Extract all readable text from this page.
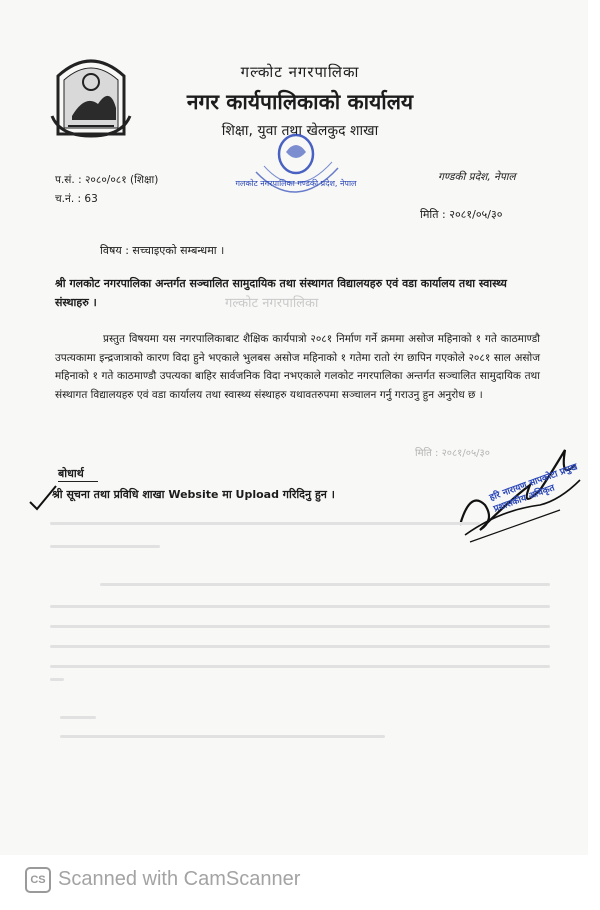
गल्कोट नगरपालिका
नगर कार्यपालिकाको कार्यालय
शिक्षा, युवा तथा खेलकुद शाखा
गलकोट नगरपालिका गण्डकी प्रदेश, नेपाल
प.सं. : २०८०/०८१ (शिक्षा)
च.नं. : 63
गण्डकी प्रदेश, नेपाल
मिति : २०८१/०५/३०
विषय : सच्चाइएको सम्बन्धमा ।
गल्कोट नगरपालिका
श्री गलकोट नगरपालिका अन्तर्गत सञ्चालित सामुदायिक तथा संस्थागत विद्यालयहरु एवं वडा कार्यालय तथा स्वास्थ्य संस्थाहरु ।
प्रस्तुत विषयमा यस नगरपालिकाबाट शैक्षिक कार्यपात्रो २०८१ निर्माण गर्ने क्रममा असोज महिनाको १ गते काठमाण्डौ उपत्यकामा इन्द्रजात्राको कारण विदा हुने भएकाले भुलबस असोज महिनाको १ गतेमा रातो रंग छापिन गएकोले २०८१ साल असोज महिनाको १ गते काठमाण्डौ उपत्यका बाहिर सार्वजनिक विदा नभएकाले गलकोट नगरपालिका अन्तर्गत सञ्चालित सामुदायिक तथा संस्थागत विद्यालयहरु एवं वडा कार्यालय तथा स्वास्थ्य संस्थाहरु यथावतरुपमा सञ्चालन गर्नु गराउनु हुन अनुरोध छ ।
मिति : २०८१/०५/३०
बोधार्थ
श्री सूचना तथा प्रविधि शाखा Website मा Upload गरिदिनु हुन ।	हरि नारायण सापकोटा प्रमुख प्रशासकीय अधिकृत
CS Scanned with CamScanner
